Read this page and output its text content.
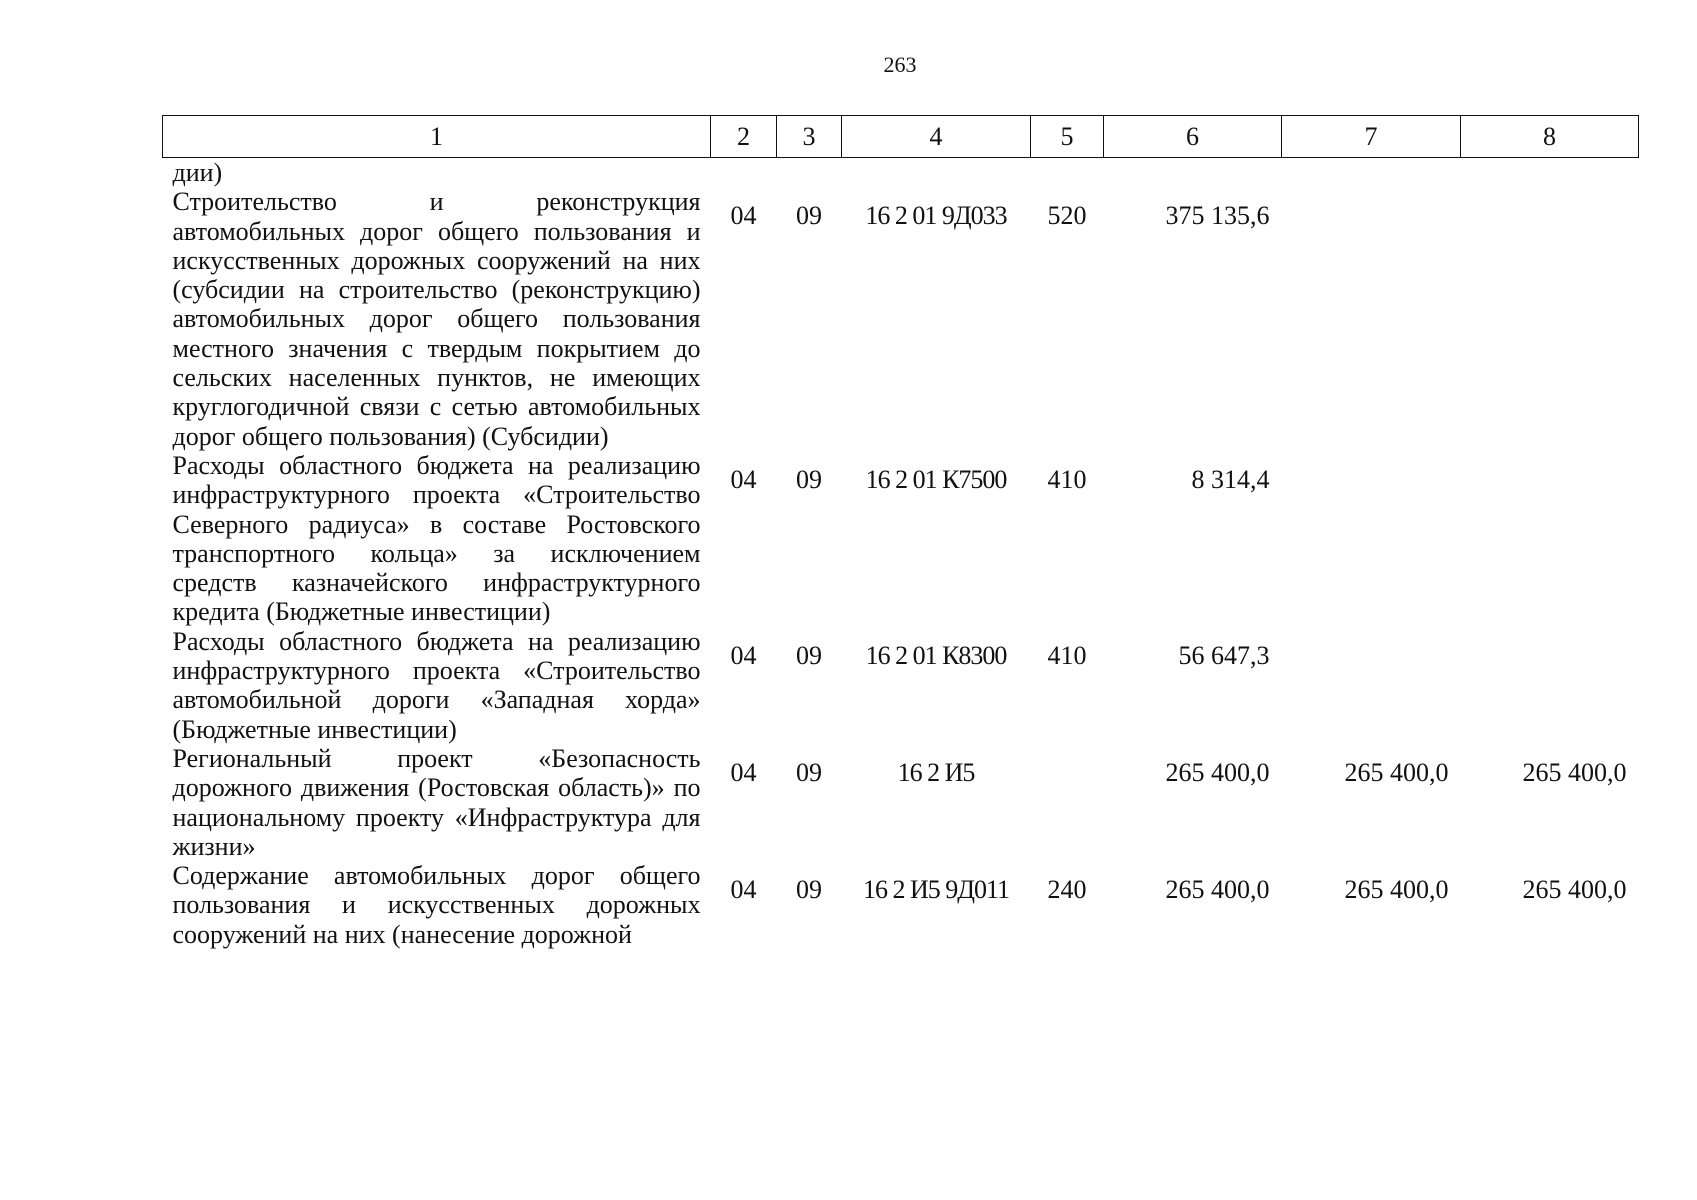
263
1	2	3	4	5	6	7	8
дии)							
Строительство и реконструкция автомобильных дорог общего пользования и искусственных дорожных сооружений на них (субсидии на строительство (реконструкцию) автомобильных дорог общего пользования местного значения с твердым покрытием до сельских населенных пунктов, не имеющих круглогодичной связи с сетью автомобильных дорог общего пользования) (Субсидии)	04	09	16 2 01 9Д033	520	375 135,6		
Расходы областного бюджета на реализацию инфраструктурного проекта «Строительство Северного радиуса» в составе Ростовского транспортного кольца» за исключением средств казначейского инфраструктурного кредита (Бюджетные инвестиции)	04	09	16 2 01 К7500	410	8 314,4		
Расходы областного бюджета на реализацию инфраструктурного проекта «Строительство автомобильной дороги «Западная хорда» (Бюджетные инвестиции)	04	09	16 2 01 К8300	410	56 647,3		
Региональный проект «Безопасность дорожного движения (Ростовская область)» по национальному проекту «Инфраструктура для жизни»	04	09	16 2 И5		265 400,0	265 400,0	265 400,0
Содержание автомобильных дорог общего пользования и искусственных дорожных сооружений на них (нанесение дорожной	04	09	16 2 И5 9Д011	240	265 400,0	265 400,0	265 400,0
